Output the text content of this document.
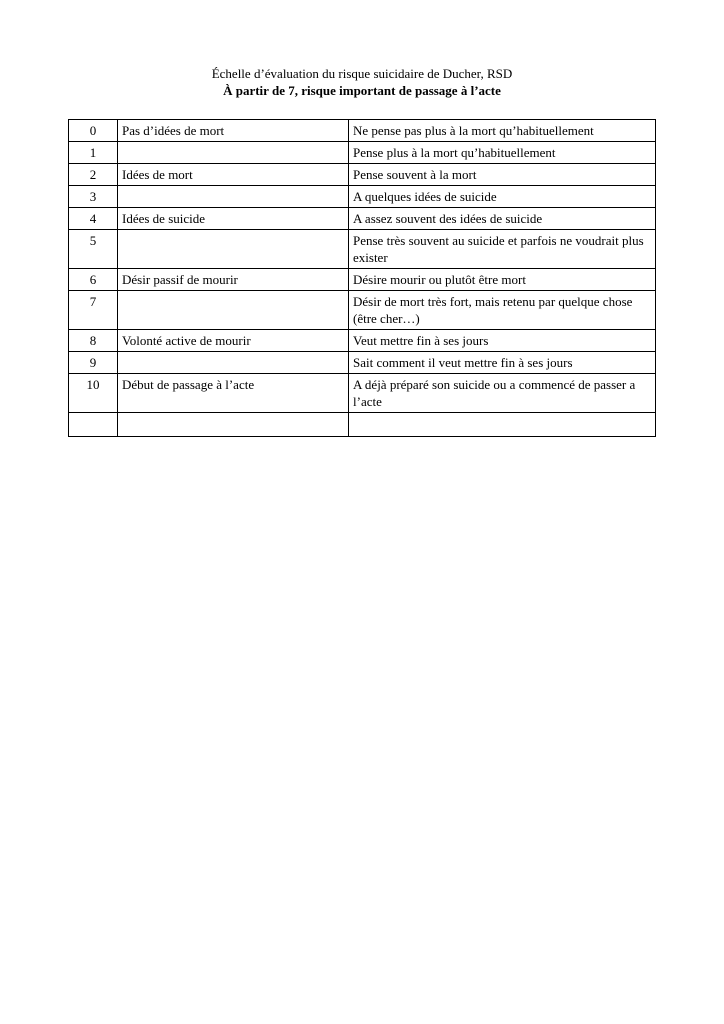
Échelle d’évaluation du risque suicidaire de Ducher, RSD
À partir de 7, risque important de passage à l’acte
0	Pas d’idées de mort	Ne pense pas plus à la mort qu’habituellement
1		Pense plus à la mort qu’habituellement
2	Idées de mort	Pense souvent à la mort
3		A quelques idées de suicide
4	Idées de suicide	A assez souvent des idées de suicide
5		Pense très souvent au suicide et parfois ne voudrait plus exister
6	Désir passif de mourir	Désire mourir ou plutôt être mort
7		Désir de mort très fort, mais retenu par quelque chose (être cher…)
8	Volonté active de mourir	Veut mettre fin à ses jours
9		Sait comment il veut mettre fin à ses jours
10	Début de passage à l’acte	A déjà préparé son suicide ou a commencé de passer a l’acte
